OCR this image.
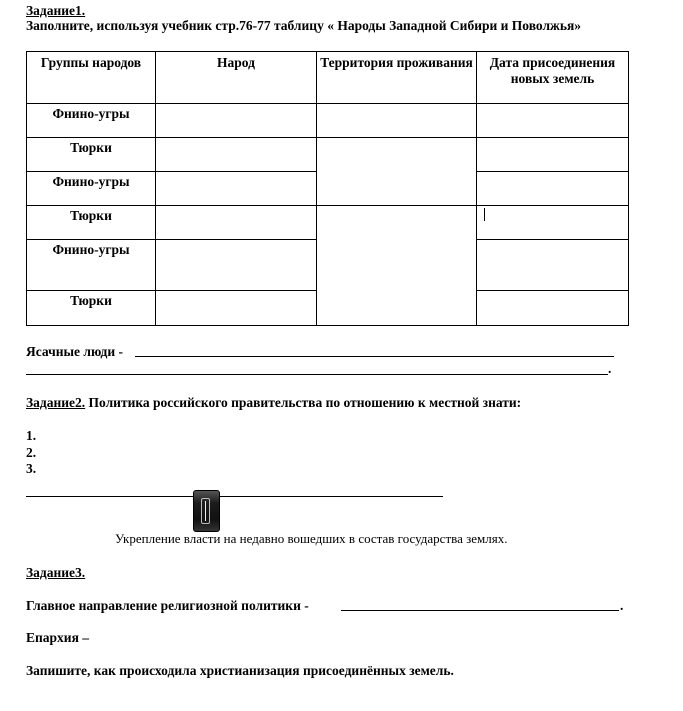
Задание1.
Заполните, используя учебник стр.76-77 таблицу « Народы Западной Сибири и Поволжья»
Группы народов	Народ	Территория проживания	Дата присоединения новых земель
Фнино-угры			
Тюрки			
Фнино-угры			
Тюрки			
Фнино-угры			
Тюрки			
Ясачные люди -
.
Задание2. Политика российского правительства по отношению к местной знати:
1.
2.
3.
Укрепление власти на недавно вошедших в состав государства землях.
Задание3.
Главное направление религиозной политики -	.
Епархия –
Запишите, как происходила христианизация присоединённых земель.
